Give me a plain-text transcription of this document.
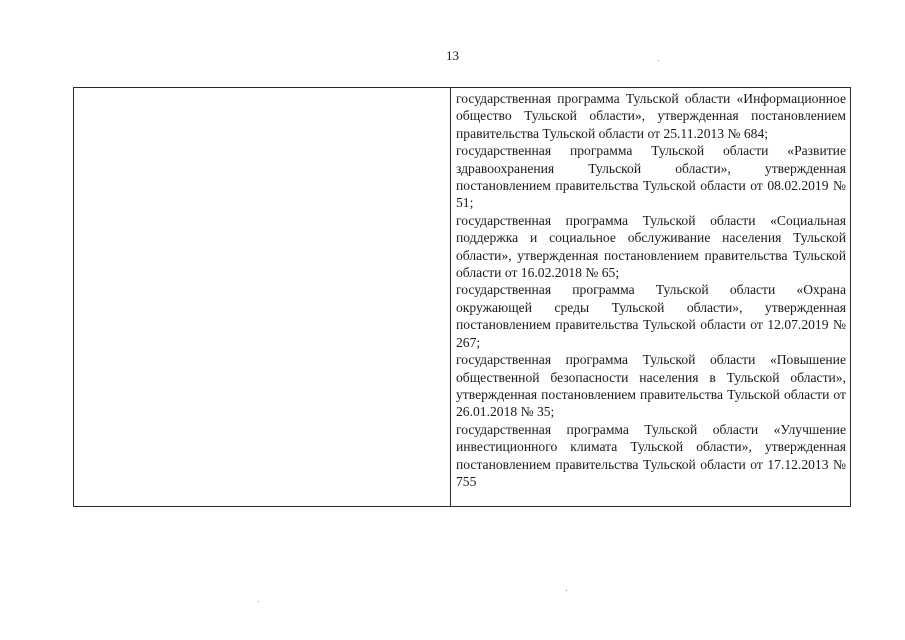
13

государственная программа Тульской области «Информационное общество Тульской области», утвержденная постановлением правительства Тульской области от 25.11.2013 № 684;

государственная программа Тульской области «Развитие здравоохранения Тульской области», утвержденная постановлением правительства Тульской области от 08.02.2019 № 51;

государственная программа Тульской области «Социальная поддержка и социальное обслуживание населения Тульской области», утвержденная постановлением правительства Тульской области от 16.02.2018 № 65;

государственная программа Тульской области «Охрана окружающей среды Тульской области», утвержденная постановлением правительства Тульской области от 12.07.2019 № 267;

государственная программа Тульской области «Повышение общественной безопасности населения в Тульской области», утвержденная постановлением правительства Тульской области от 26.01.2018 № 35;

государственная программа Тульской области «Улучшение инвестиционного климата Тульской области», утвержденная постановлением правительства Тульской области от 17.12.2013 № 755
